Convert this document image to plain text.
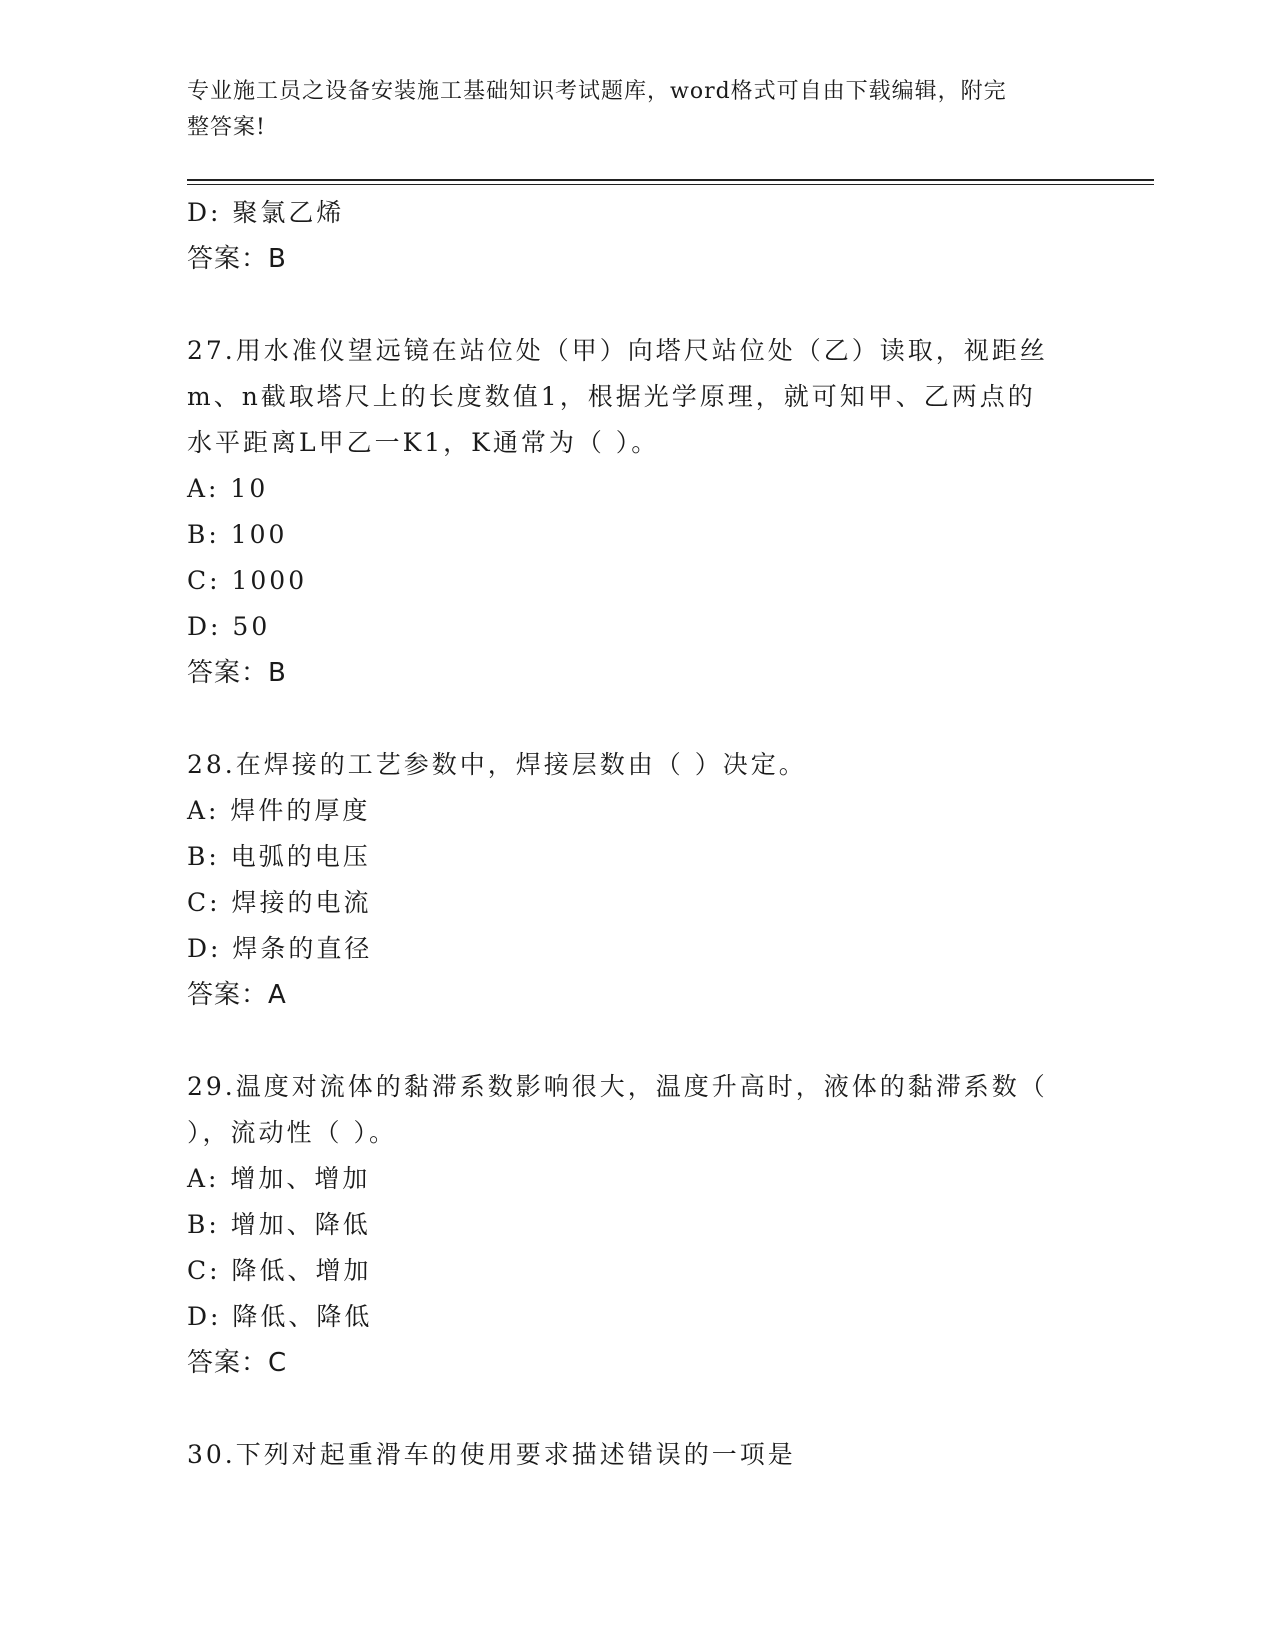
专业施工员之设备安装施工基础知识考试题库，word格式可自由下载编辑，附完
整答案!
D: 聚氯乙烯
答案：B
27.用水准仪望远镜在站位处（甲）向塔尺站位处（乙）读取，视距丝
m、n截取塔尺上的长度数值1，根据光学原理，就可知甲、乙两点的
水平距离L甲乙一K1，K通常为（ ）。
A: 10
B: 100
C: 1000
D: 50
答案：B
28.在焊接的工艺参数中，焊接层数由（ ）决定。
A: 焊件的厚度
B: 电弧的电压
C: 焊接的电流
D: 焊条的直径
答案：A
29.温度对流体的黏滞系数影响很大，温度升高时，液体的黏滞系数（
），流动性（ ）。
A: 增加、增加
B: 增加、降低
C: 降低、增加
D: 降低、降低
答案：C
30.下列对起重滑车的使用要求描述错误的一项是
